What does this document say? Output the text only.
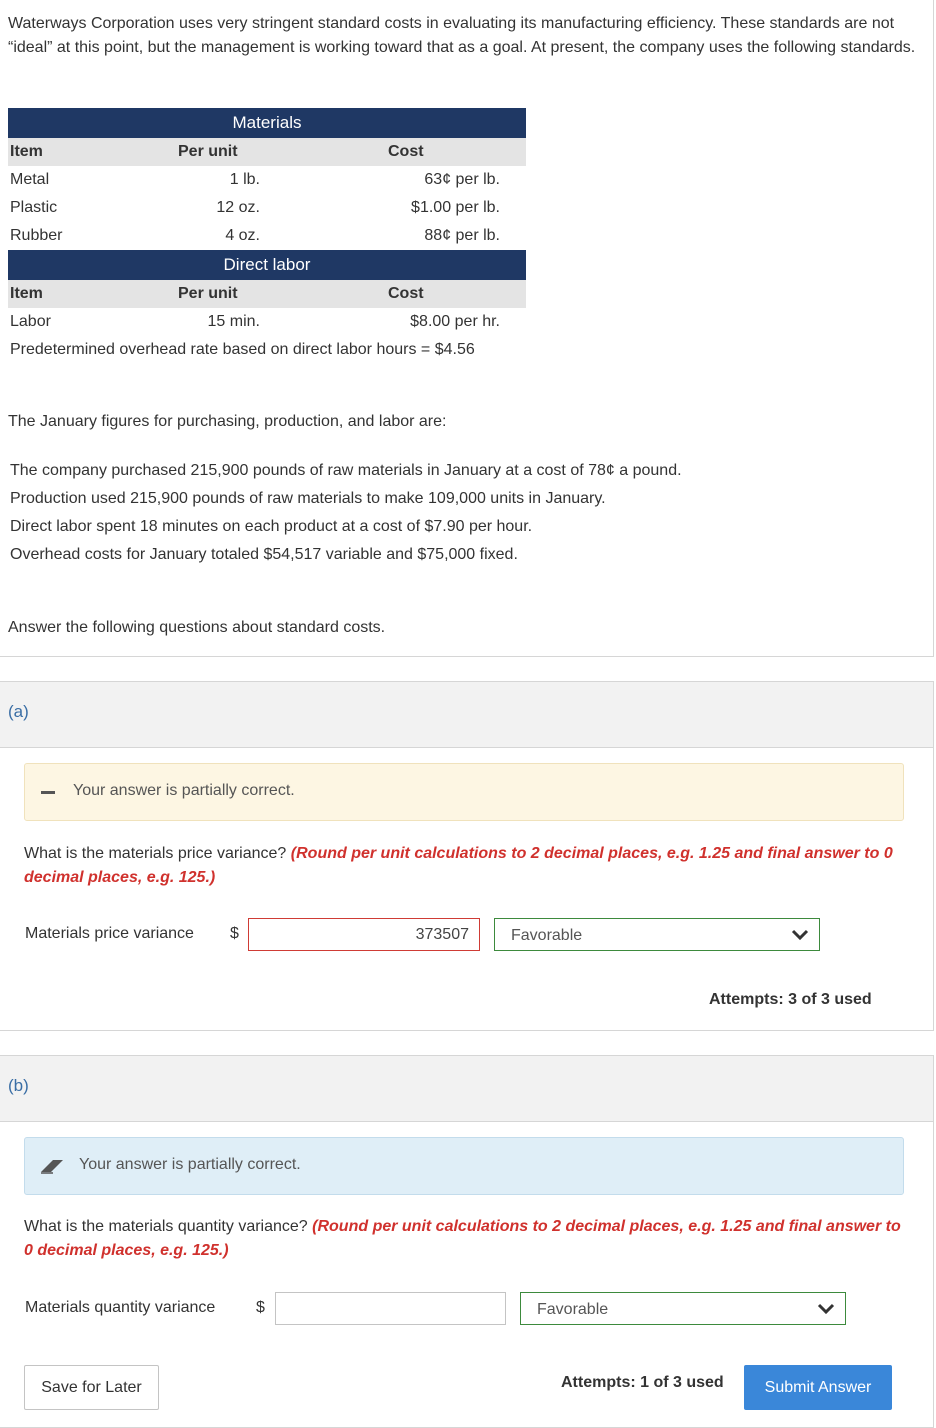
Waterways Corporation uses very stringent standard costs in evaluating its manufacturing efficiency. These standards are not “ideal” at this point, but the management is working toward that as a goal. At present, the company uses the following standards.

Materials
Item	Per unit	Cost
Metal	1 lb.	63¢ per lb.
Plastic	12 oz.	$1.00 per lb.
Rubber	4 oz.	88¢ per lb.
Direct labor
Item	Per unit	Cost
Labor	15 min.	$8.00 per hr.
Predetermined overhead rate based on direct labor hours = $4.56

The January figures for purchasing, production, and labor are:

The company purchased 215,900 pounds of raw materials in January at a cost of 78¢ a pound.
Production used 215,900 pounds of raw materials to make 109,000 units in January.
Direct labor spent 18 minutes on each product at a cost of $7.90 per hour.
Overhead costs for January totaled $54,517 variable and $75,000 fixed.

Answer the following questions about standard costs.

(a)
Your answer is partially correct.

What is the materials price variance? (Round per unit calculations to 2 decimal places, e.g. 1.25 and final answer to 0 decimal places, e.g. 125.)

Materials price variance $	373507	Favorable
Attempts: 3 of 3 used
(b)
Your answer is partially correct.

What is the materials quantity variance? (Round per unit calculations to 2 decimal places, e.g. 1.25 and final answer to 0 decimal places, e.g. 125.)

Materials quantity variance	$	Favorable
Save for Later	Attempts: 1 of 3 used	Submit Answer
